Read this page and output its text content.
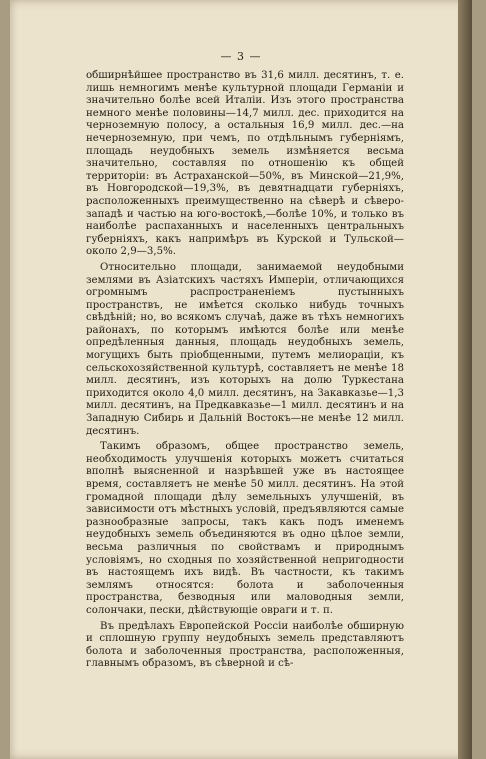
— 3 —

обширнѣйшее пространство въ 31,6 милл. десятинъ, т. е. лишь немногимъ менѣе культурной площади Германіи и значительно болѣе всей Италіи. Изъ этого пространства немного менѣе половины—14,7 милл. дес. приходится на черноземную полосу, а остальныя 16,9 милл. дес.—на нечерноземную, при чемъ, по отдѣльнымъ губерніямъ, площадь неудобныхъ земель измѣняется весьма значительно, составляя по отношенію къ общей территоріи: въ Астраханской—50%, въ Минской—21,9%, въ Новгородской—19,3%, въ девятнадцати губерніяхъ, расположенныхъ преимущественно на сѣверѣ и сѣверо-западѣ и частью на юго-востокѣ,—болѣе 10%, и только въ наиболѣе распаханныхъ и населенныхъ центральныхъ губерніяхъ, какъ напримѣръ въ Курской и Тульской—около 2,9—3,5%.

Относительно площади, занимаемой неудобными землями въ Азіатскихъ частяхъ Имперіи, отличающихся огромнымъ распространеніемъ пустынныхъ пространствъ, не имѣется сколько нибудь точныхъ свѣдѣній; но, во всякомъ случаѣ, даже въ тѣхъ немногихъ районахъ, по которымъ имѣются болѣе или менѣе опредѣленныя данныя, площадь неудобныхъ земель, могущихъ быть пріобщенными, путемъ мелиораціи, къ сельскохозяйственной культурѣ, составляетъ не менѣе 18 милл. десятинъ, изъ которыхъ на долю Туркестана приходится около 4,0 милл. десятинъ, на Закавказье—1,3 милл. десятинъ, на Предкавказье—1 милл. десятинъ и на Западную Сибирь и Дальній Востокъ—не менѣе 12 милл. десятинъ.

Такимъ образомъ, общее пространство земель, необходимость улучшенія которыхъ можетъ считаться вполнѣ выясненной и назрѣвшей уже въ настоящее время, составляетъ не менѣе 50 милл. десятинъ. На этой громадной площади дѣлу земельныхъ улучшеній, въ зависимости отъ мѣстныхъ условій, предъявляются самые разнообразные запросы, такъ какъ подъ именемъ неудобныхъ земель объединяются въ одно цѣлое земли, весьма различныя по свойствамъ и природнымъ условіямъ, но сходныя по хозяйственной непригодности въ настоящемъ ихъ видѣ. Въ частности, къ такимъ землямъ относятся: болота и заболоченныя пространства, безводныя или маловодныя земли, солончаки, пески, дѣйствующіе овраги и т. п.

Въ предѣлахъ Европейской Россіи наиболѣе обширную и сплошную группу неудобныхъ земель представляютъ болота и заболоченныя пространства, расположенныя, главнымъ образомъ, въ сѣверной и сѣ-
